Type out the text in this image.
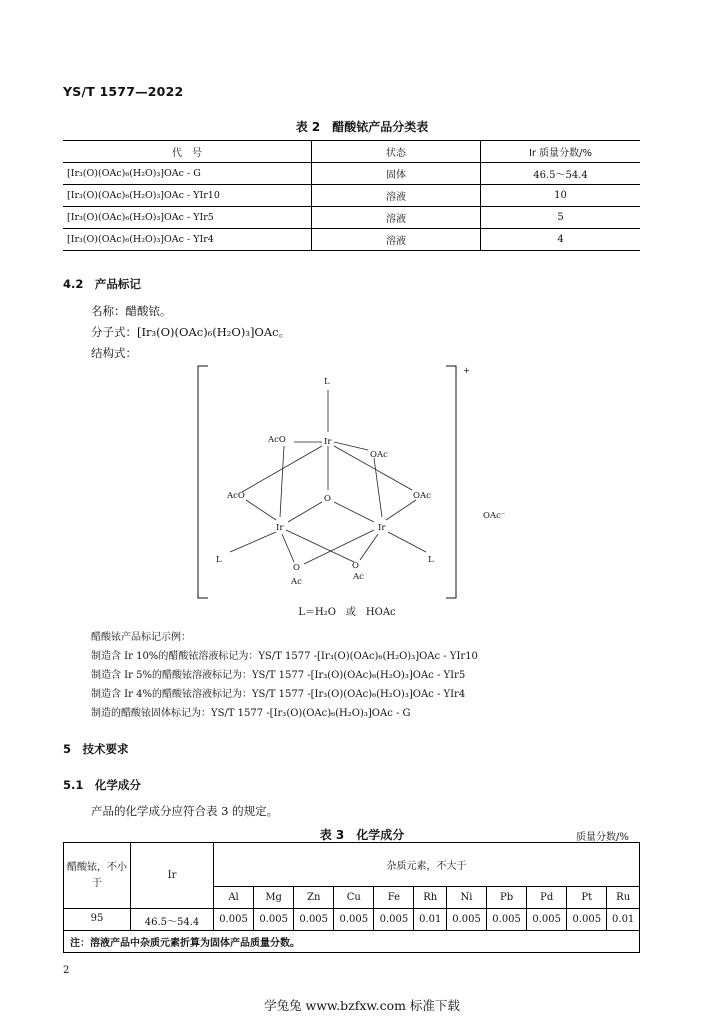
YS/T 1577—2022
表 2　醋酸铱产品分类表
代　号	状态	Ir 质量分数/%
[Ir₃(O)(OAc)₆(H₂O)₃]OAc - G	固体	46.5～54.4
[Ir₃(O)(OAc)₆(H₂O)₃]OAc - YIr10	溶液	10
[Ir₃(O)(OAc)₆(H₂O)₃]OAc - YIr5	溶液	5
[Ir₃(O)(OAc)₆(H₂O)₃]OAc - YIr4	溶液	4
4.2　产品标记
名称：醋酸铱。
分子式：[Ir₃(O)(OAc)₆(H₂O)₃]OAc。
结构式：
L
Ir
AcO
OAc
AcO	O	OAc
Ir	Ir
L	L
O	O
Ac	Ac
+
OAc⁻
L＝H₂O　或　HOAc
醋酸铱产品标记示例：
制造含 Ir 10%的醋酸铱溶液标记为：YS/T 1577 -[Ir₃(O)(OAc)₆(H₂O)₃]OAc - YIr10
制造含 Ir 5%的醋酸铱溶液标记为：YS/T 1577 -[Ir₃(O)(OAc)₆(H₂O)₃]OAc - YIr5
制造含 Ir 4%的醋酸铱溶液标记为：YS/T 1577 -[Ir₃(O)(OAc)₆(H₂O)₃]OAc - YIr4
制造的醋酸铱固体标记为：YS/T 1577 -[Ir₃(O)(OAc)₆(H₂O)₃]OAc - G
5　技术要求
5.1　化学成分
产品的化学成分应符合表 3 的规定。
表 3　化学成分	质量分数/%
醋酸铱，不小于	Ir	杂质元素，不大于										
		Al	Mg	Zn	Cu	Fe	Rh	Ni	Pb	Pd	Pt	Ru
95	46.5～54.4	0.005	0.005	0.005	0.005	0.005	0.01	0.005	0.005	0.005	0.005	0.01
注：溶液产品中杂质元素折算为固体产品质量分数。												
2
学兔兔 www.bzfxw.com 标准下载
